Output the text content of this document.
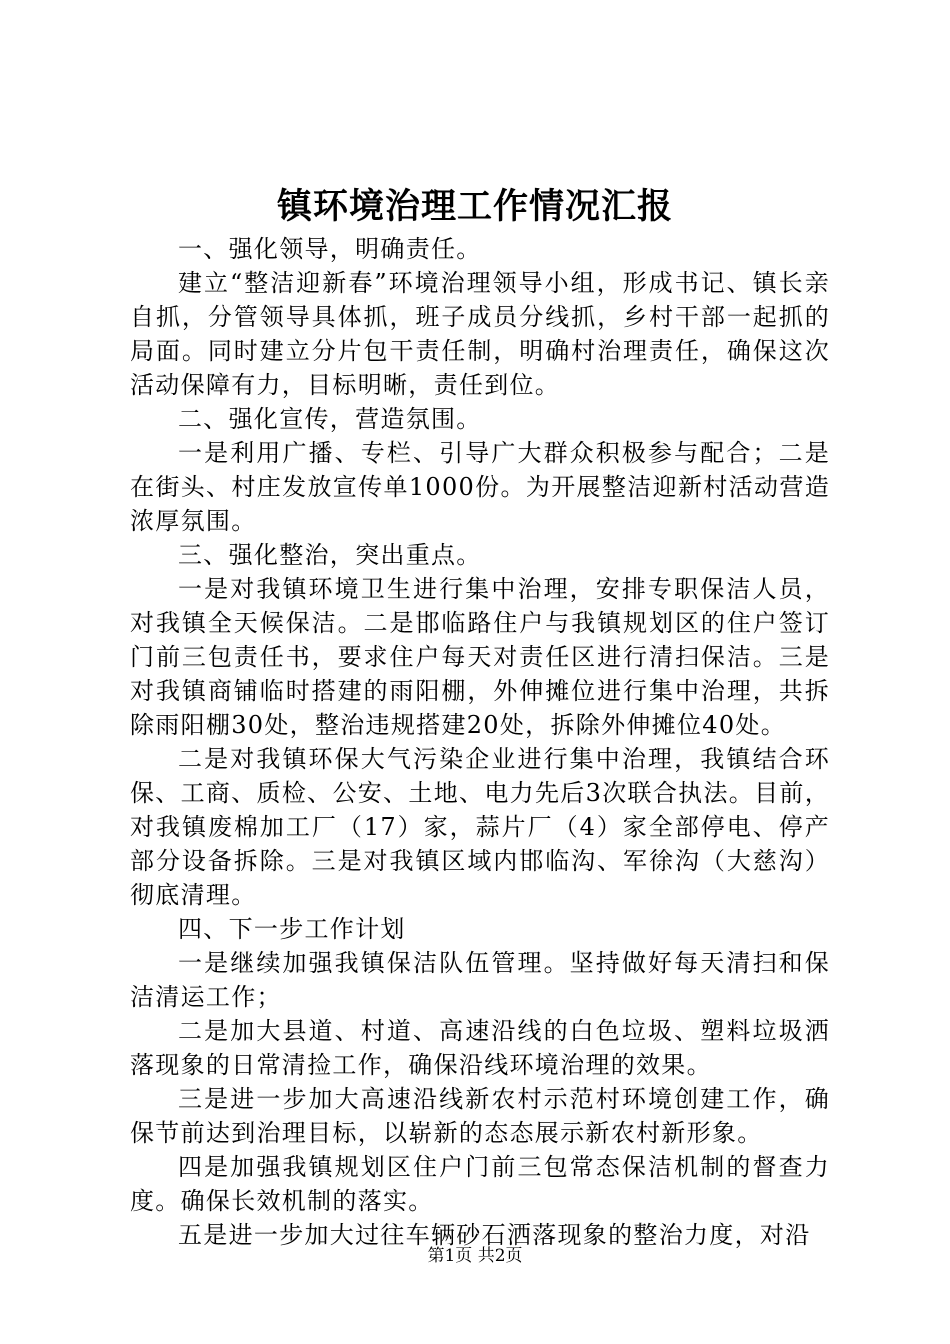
镇环境治理工作情况汇报

一、强化领导，明确责任。

建立“整洁迎新春”环境治理领导小组，形成书记、镇长亲自抓，分管领导具体抓，班子成员分线抓，乡村干部一起抓的局面。同时建立分片包干责任制，明确村治理责任，确保这次活动保障有力，目标明晰，责任到位。

二、强化宣传，营造氛围。

一是利用广播、专栏、引导广大群众积极参与配合；二是在街头、村庄发放宣传单1000份。为开展整洁迎新村活动营造浓厚氛围。

三、强化整治，突出重点。

一是对我镇环境卫生进行集中治理，安排专职保洁人员，对我镇全天候保洁。二是邯临路住户与我镇规划区的住户签订门前三包责任书，要求住户每天对责任区进行清扫保洁。三是对我镇商铺临时搭建的雨阳棚，外伸摊位进行集中治理，共拆除雨阳棚30处，整治违规搭建20处，拆除外伸摊位40处。

二是对我镇环保大气污染企业进行集中治理，我镇结合环保、工商、质检、公安、土地、电力先后3次联合执法。目前，对我镇废棉加工厂（17）家，蒜片厂（4）家全部停电、停产部分设备拆除。三是对我镇区域内邯临沟、军徐沟（大慈沟）彻底清理。

四、下一步工作计划

一是继续加强我镇保洁队伍管理。坚持做好每天清扫和保洁清运工作；

二是加大县道、村道、高速沿线的白色垃圾、塑料垃圾洒落现象的日常清捡工作，确保沿线环境治理的效果。

三是进一步加大高速沿线新农村示范村环境创建工作，确保节前达到治理目标，以崭新的态态展示新农村新形象。

四是加强我镇规划区住户门前三包常态保洁机制的督查力度。确保长效机制的落实。

五是进一步加大过往车辆砂石洒落现象的整治力度，对沿

第1页 共2页
